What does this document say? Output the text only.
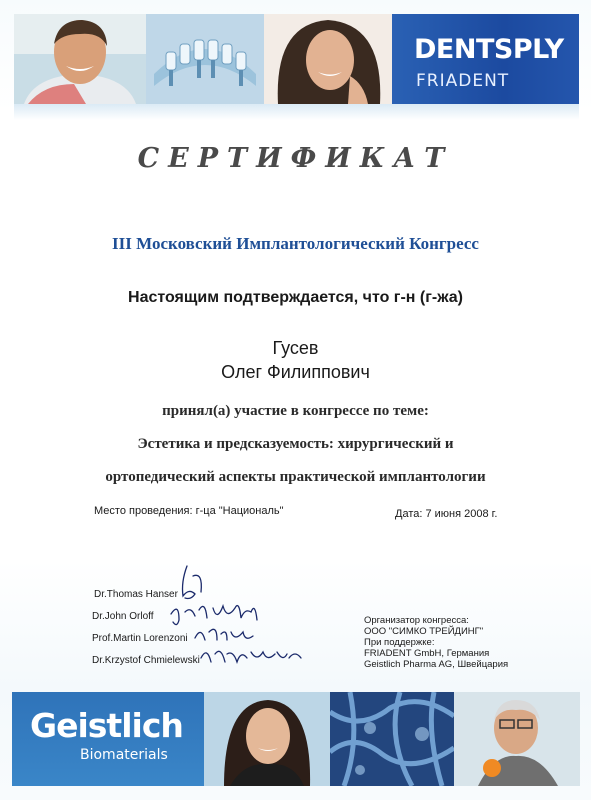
DENTSPLY
FRIADENT
СЕРТИФИКАТ
III Московский Имплантологический Конгресс
Настоящим подтверждается, что г-н (г-жа)
Гусев
Олег Филиппович
принял(а) участие в конгрессе по теме:
Эстетика и предсказуемость: хирургический и
ортопедический аспекты практической имплантологии
Место проведения: г-ца "Националь"	Дата: 7 июня 2008 г.
Dr.Thomas Hanser
Dr.John Orloff
Prof.Martin Lorenzoni
Dr.Krzystof Chmielewski
Организатор конгресса:
ООО "СИМКО ТРЕЙДИНГ"
При поддержке:
FRIADENT GmbH, Германия
Geistlich Pharma AG, Швейцария
Geistlich
Biomaterials
